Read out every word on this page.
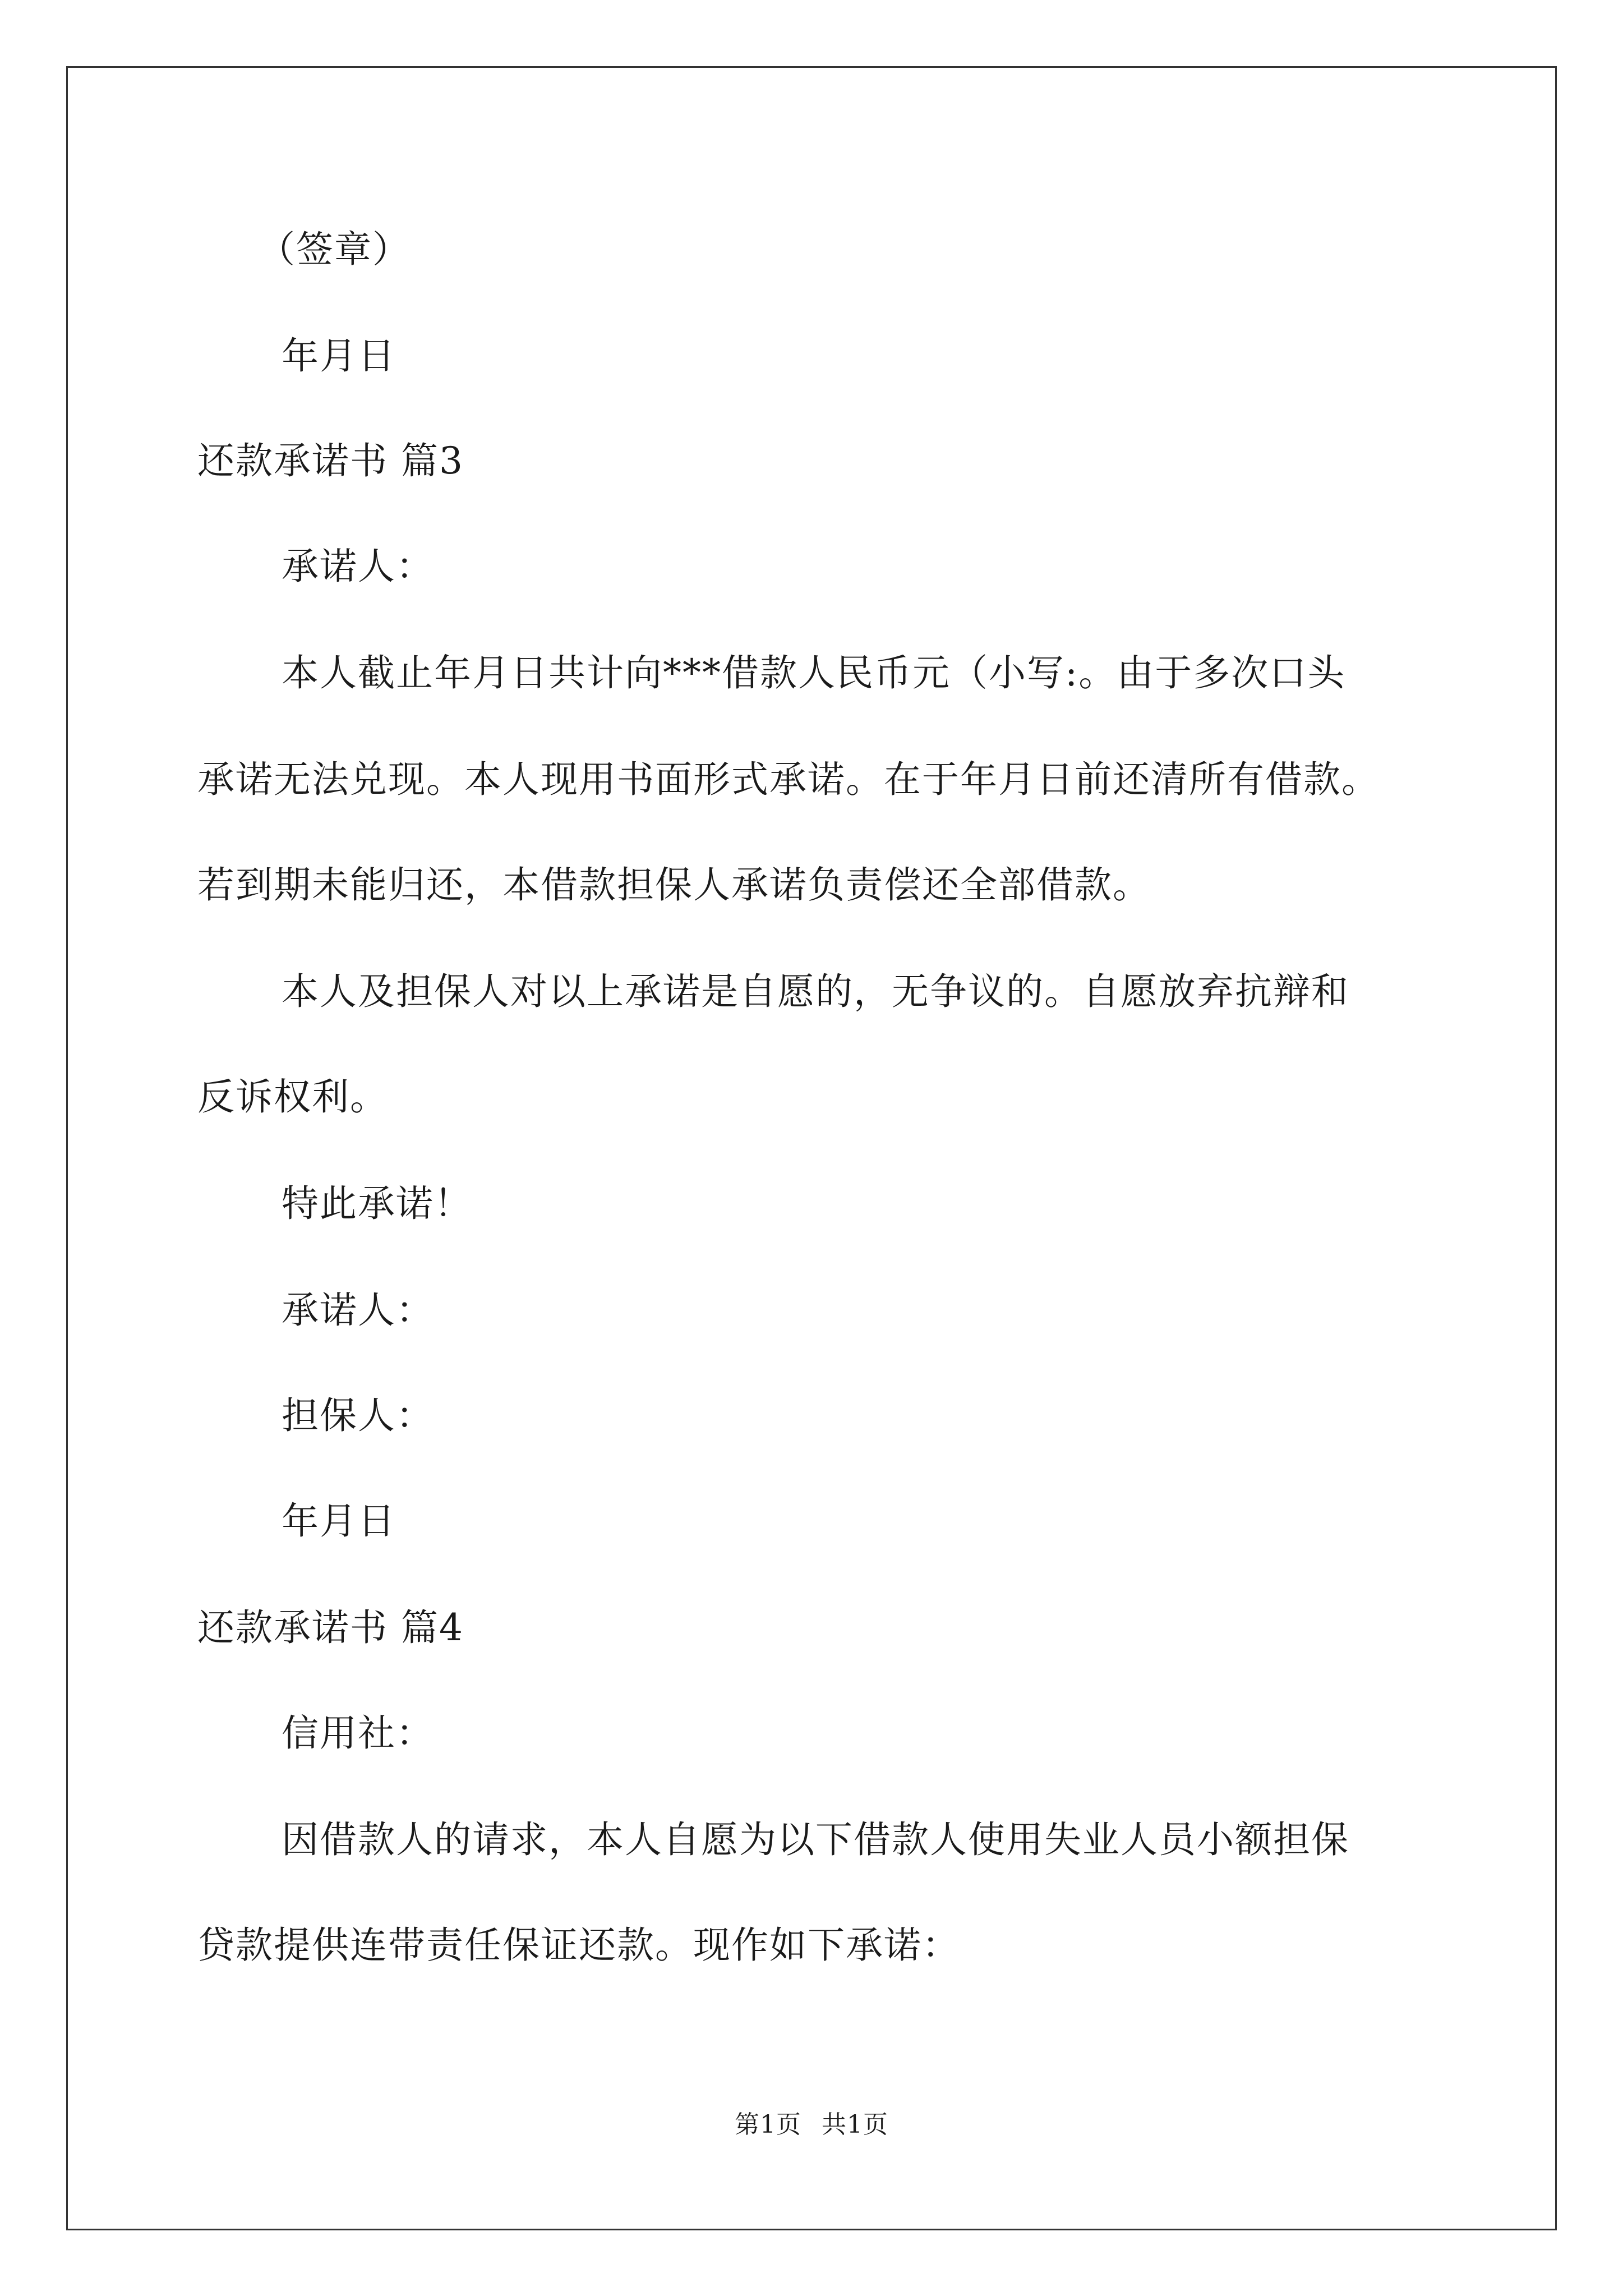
（签章）
年月日
还款承诺书 篇3
承诺人：
本人截止年月日共计向***借款人民币元（小写:。由于多次口头
承诺无法兑现。本人现用书面形式承诺。在于年月日前还清所有借款。
若到期未能归还，本借款担保人承诺负责偿还全部借款。
本人及担保人对以上承诺是自愿的，无争议的。自愿放弃抗辩和
反诉权利。
特此承诺！
承诺人：
担保人：
年月日
还款承诺书 篇4
信用社：
因借款人的请求，本人自愿为以下借款人使用失业人员小额担保
贷款提供连带责任保证还款。现作如下承诺：
第1页 共1页
